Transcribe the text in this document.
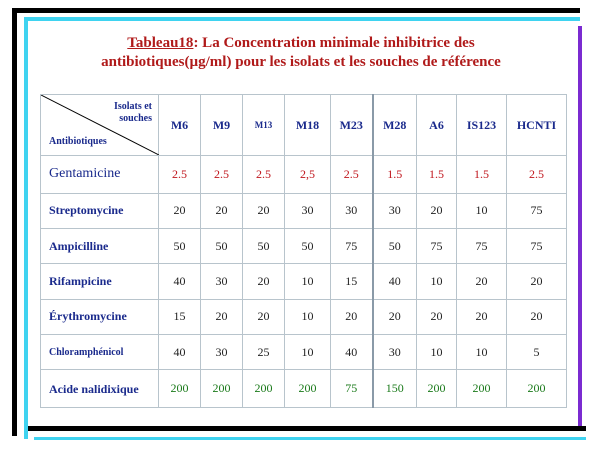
Tableau18: La Concentration minimale inhibitrice des
antibiotiques(µg/ml) pour les isolats et les souches de référence
Isolats et souches
Antibiotiques	M6	M9	M13	M18	M23	M28	A6	IS123	HCNTI
Gentamicine	2.5	2.5	2.5	2,5	2.5	1.5	1.5	1.5	2.5
Streptomycine	20	20	20	30	30	30	20	10	75
Ampicilline	50	50	50	50	75	50	75	75	75
Rifampicine	40	30	20	10	15	40	10	20	20
Érythromycine	15	20	20	10	20	20	20	20	20
Chloramphénicol	40	30	25	10	40	30	10	10	5
Acide nalidixique	200	200	200	200	75	150	200	200	200
